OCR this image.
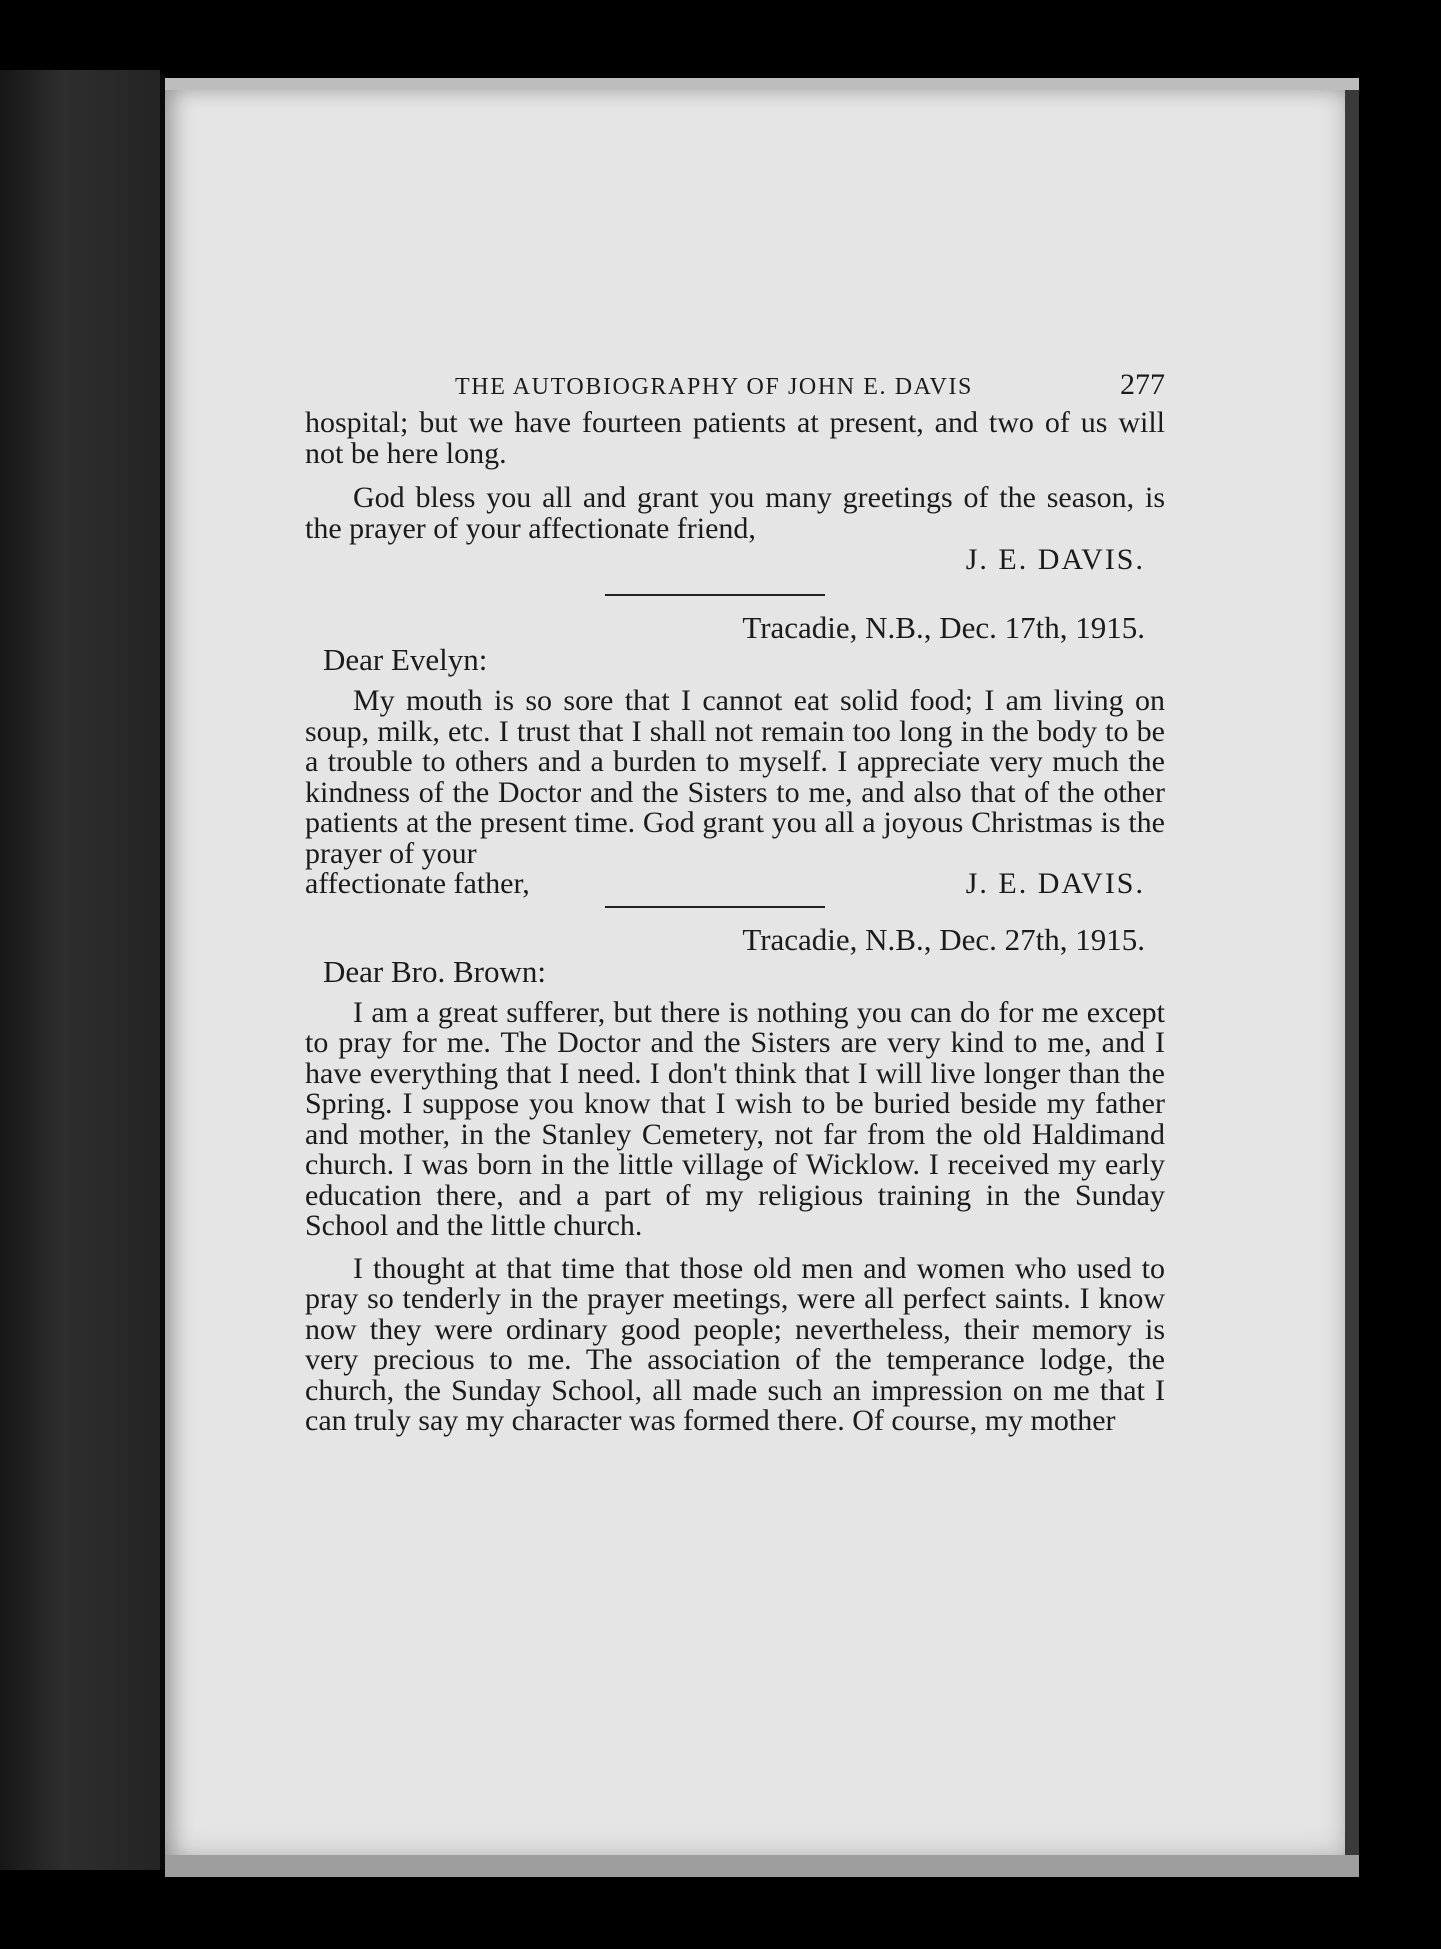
THE AUTOBIOGRAPHY OF JOHN E. DAVIS	277

hospital; but we have fourteen patients at present, and two of us will not be here long.

God bless you all and grant you many greetings of the season, is the prayer of your affectionate friend,

J. E. DAVIS.
Tracadie, N.B., Dec. 17th, 1915.
Dear Evelyn:

My mouth is so sore that I cannot eat solid food; I am living on soup, milk, etc. I trust that I shall not remain too long in the body to be a trouble to others and a burden to myself. I appreciate very much the kindness of the Doctor and the Sisters to me, and also that of the other patients at the present time. God grant you all a joyous Christmas is the prayer of your

affectionate father,	J. E. DAVIS.
Tracadie, N.B., Dec. 27th, 1915.
Dear Bro. Brown:

I am a great sufferer, but there is nothing you can do for me except to pray for me. The Doctor and the Sisters are very kind to me, and I have everything that I need. I don't think that I will live longer than the Spring. I suppose you know that I wish to be buried beside my father and mother, in the Stanley Cemetery, not far from the old Haldimand church. I was born in the little village of Wicklow. I received my early education there, and a part of my religious training in the Sunday School and the little church.

I thought at that time that those old men and women who used to pray so tenderly in the prayer meetings, were all perfect saints. I know now they were ordinary good people; nevertheless, their memory is very precious to me. The association of the temperance lodge, the church, the Sunday School, all made such an impression on me that I can truly say my character was formed there. Of course, my mother
